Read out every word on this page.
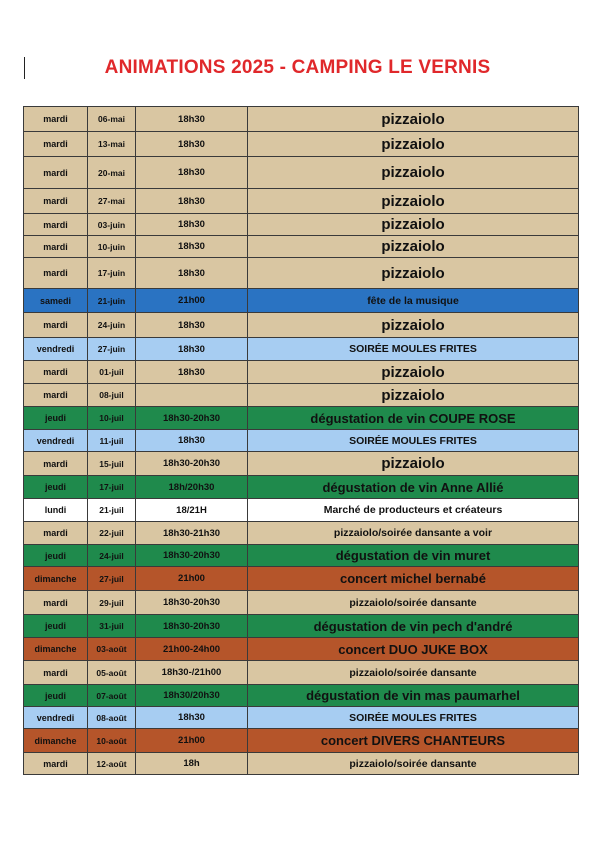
ANIMATIONS 2025 - CAMPING LE VERNIS
mardi	06-mai	18h30	pizzaiolo
mardi	13-mai	18h30	pizzaiolo
mardi	20-mai	18h30	pizzaiolo
mardi	27-mai	18h30	pizzaiolo
mardi	03-juin	18h30	pizzaiolo
mardi	10-juin	18h30	pizzaiolo
mardi	17-juin	18h30	pizzaiolo
samedi	21-juin	21h00	fête de la musique
mardi	24-juin	18h30	pizzaiolo
vendredi	27-juin	18h30	SOIRÉE MOULES FRITES
mardi	01-juil	18h30	pizzaiolo
mardi	08-juil		pizzaiolo
jeudi	10-juil	18h30-20h30	dégustation de vin COUPE ROSE
vendredi	11-juil	18h30	SOIRÉE MOULES FRITES
mardi	15-juil	18h30-20h30	pizzaiolo
jeudi	17-juil	18h/20h30	dégustation de vin Anne Allié
lundi	21-juil	18/21H	Marché de producteurs et créateurs
mardi	22-juil	18h30-21h30	pizzaiolo/soirée dansante a voir
jeudi	24-juil	18h30-20h30	dégustation de vin muret
dimanche	27-juil	21h00	concert michel bernabé
mardi	29-juil	18h30-20h30	pizzaiolo/soirée dansante
jeudi	31-juil	18h30-20h30	dégustation de vin pech d'andré
dimanche	03-août	21h00-24h00	concert DUO JUKE BOX
mardi	05-août	18h30-/21h00	pizzaiolo/soirée dansante
jeudi	07-août	18h30/20h30	dégustation de vin mas paumarhel
vendredi	08-août	18h30	SOIRÉE MOULES FRITES
dimanche	10-août	21h00	concert DIVERS CHANTEURS
mardi	12-août	18h	pizzaiolo/soirée dansante
